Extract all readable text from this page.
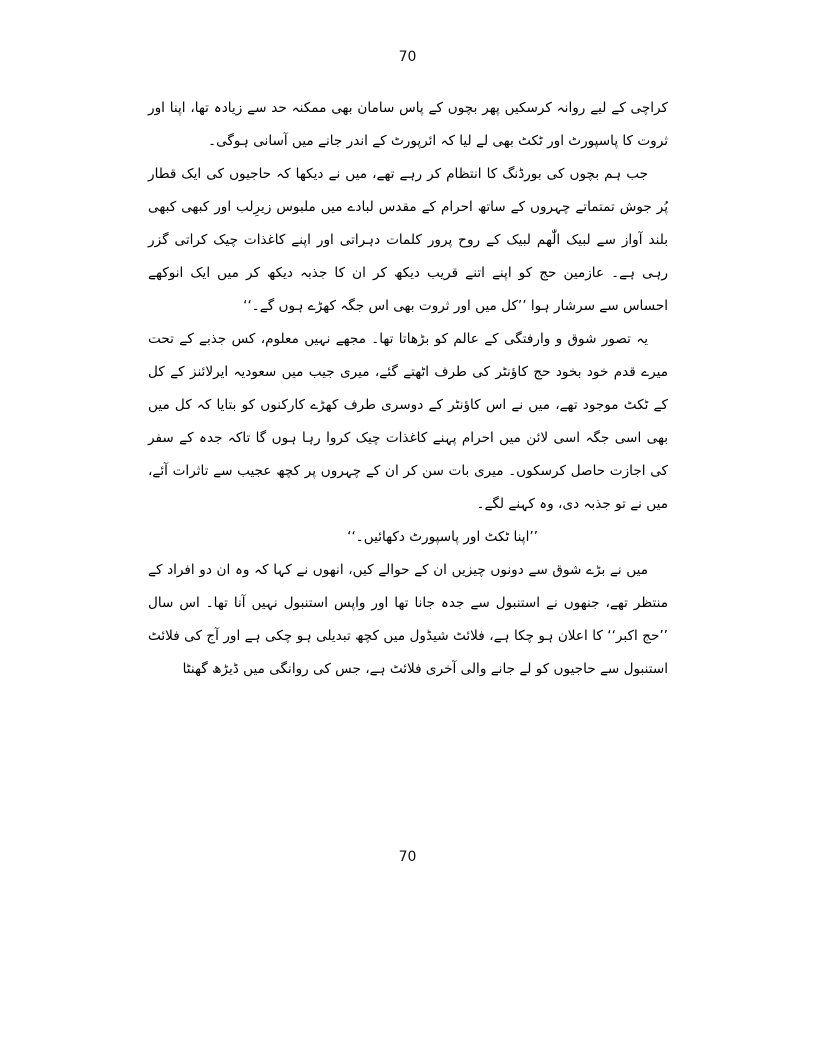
70

کراچی کے لیے روانہ کرسکیں پھر بچوں کے پاس سامان بھی ممکنہ حد سے زیادہ تھا، اپنا اور ثروت کا پاسپورٹ اور ٹکٹ بھی لے لیا کہ ائرپورٹ کے اندر جانے میں آسانی ہوگی۔

جب ہم بچوں کی بورڈنگ کا انتظام کر رہے تھے، میں نے دیکھا کہ حاجیوں کی ایک قطار پُر جوش تمتماتے چہروں کے ساتھ احرام کے مقدس لبادے میں ملبوس زیرِلب اور کبھی کبھی بلند آواز سے لبیک الّٰھم لبیک کے روح پرور کلمات دہراتی اور اپنے کاغذات چیک کراتی گزر رہی ہے۔ عازمین حج کو اپنے اتنے قریب دیکھ کر ان کا جذبہ دیکھ کر میں ایک انوکھے احساس سے سرشار ہوا ’’کل میں اور ثروت بھی اس جگہ کھڑے ہوں گے۔‘‘

یہ تصور شوق و وارفتگی کے عالم کو بڑھاتا تھا۔ مجھے نہیں معلوم، کس جذبے کے تحت میرے قدم خود بخود حج کاؤنٹر کی طرف اٹھتے گئے، میری جیب میں سعودیہ ایرلائنز کے کل کے ٹکٹ موجود تھے، میں نے اس کاؤنٹر کے دوسری طرف کھڑے کارکنوں کو بتایا کہ کل میں بھی اسی جگہ اسی لائن میں احرام پہنے کاغذات چیک کروا رہا ہوں گا تاکہ جدہ کے سفر کی اجازت حاصل کرسکوں۔ میری بات سن کر ان کے چہروں پر کچھ عجیب سے تاثرات آئے، میں نے تو جذبہ دی، وہ کہنے لگے۔

’’اپنا ٹکٹ اور پاسپورٹ دکھائیں۔‘‘

میں نے بڑے شوق سے دونوں چیزیں ان کے حوالے کیں، انھوں نے کہا کہ وہ ان دو افراد کے منتظر تھے، جنھوں نے استنبول سے جدہ جانا تھا اور واپس استنبول نہیں آنا تھا۔ اس سال ’’حج اکبر‘‘ کا اعلان ہو چکا ہے، فلائٹ شیڈول میں کچھ تبدیلی ہو چکی ہے اور آج کی فلائٹ استنبول سے حاجیوں کو لے جانے والی آخری فلائٹ ہے، جس کی روانگی میں ڈیڑھ گھنٹا

70
